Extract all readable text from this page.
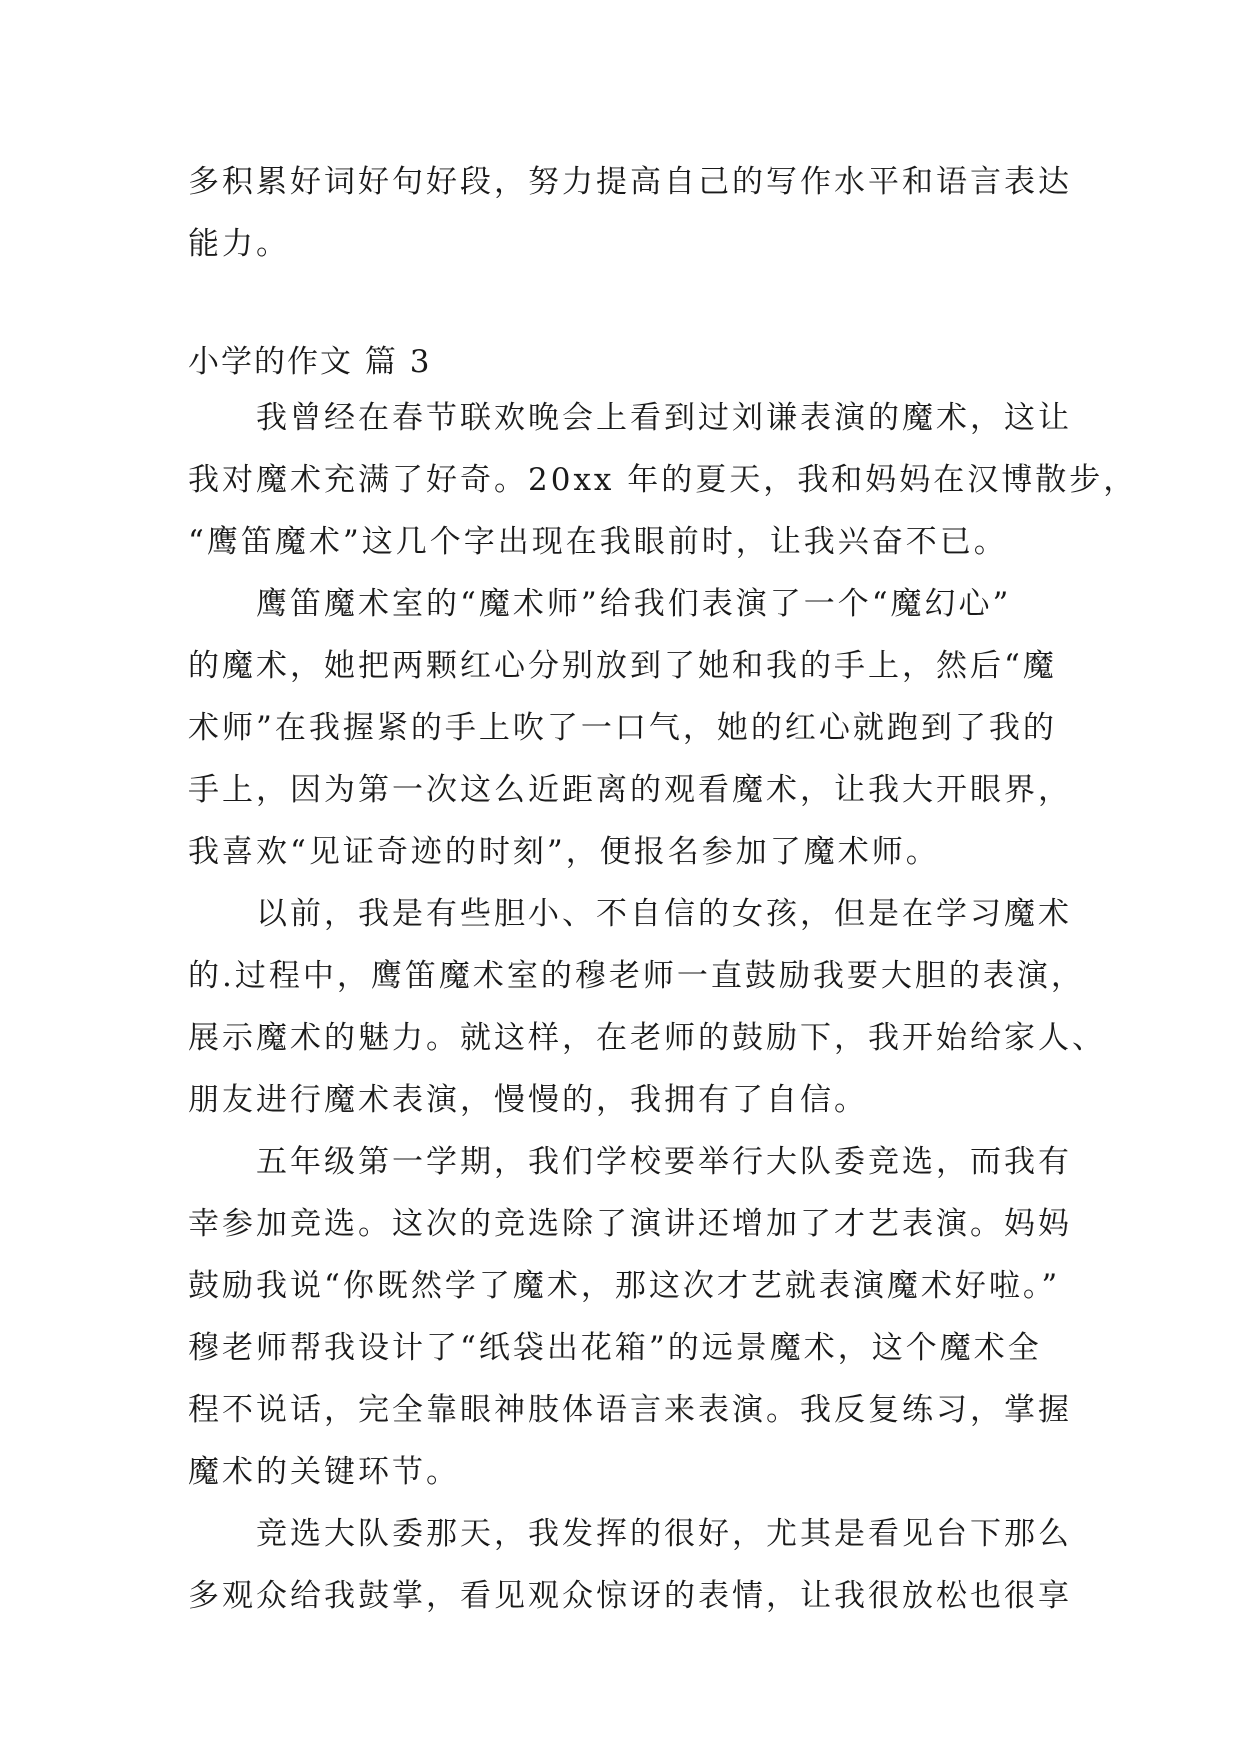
多积累好词好句好段，努力提高自己的写作水平和语言表达
能力。
小学的作文 篇 3
　　我曾经在春节联欢晚会上看到过刘谦表演的魔术，这让
我对魔术充满了好奇。20xx 年的夏天，我和妈妈在汉博散步，
“鹰笛魔术”这几个字出现在我眼前时，让我兴奋不已。
　　鹰笛魔术室的“魔术师”给我们表演了一个“魔幻心”
的魔术，她把两颗红心分别放到了她和我的手上，然后“魔
术师”在我握紧的手上吹了一口气，她的红心就跑到了我的
手上，因为第一次这么近距离的观看魔术，让我大开眼界，
我喜欢“见证奇迹的时刻”，便报名参加了魔术师。
　　以前，我是有些胆小、不自信的女孩，但是在学习魔术
的.过程中，鹰笛魔术室的穆老师一直鼓励我要大胆的表演，
展示魔术的魅力。就这样，在老师的鼓励下，我开始给家人、
朋友进行魔术表演，慢慢的，我拥有了自信。
　　五年级第一学期，我们学校要举行大队委竞选，而我有
幸参加竞选。这次的竞选除了演讲还增加了才艺表演。妈妈
鼓励我说“你既然学了魔术，那这次才艺就表演魔术好啦。”
穆老师帮我设计了“纸袋出花箱”的远景魔术，这个魔术全
程不说话，完全靠眼神肢体语言来表演。我反复练习，掌握
魔术的关键环节。
　　竞选大队委那天，我发挥的很好，尤其是看见台下那么
多观众给我鼓掌，看见观众惊讶的表情，让我很放松也很享
